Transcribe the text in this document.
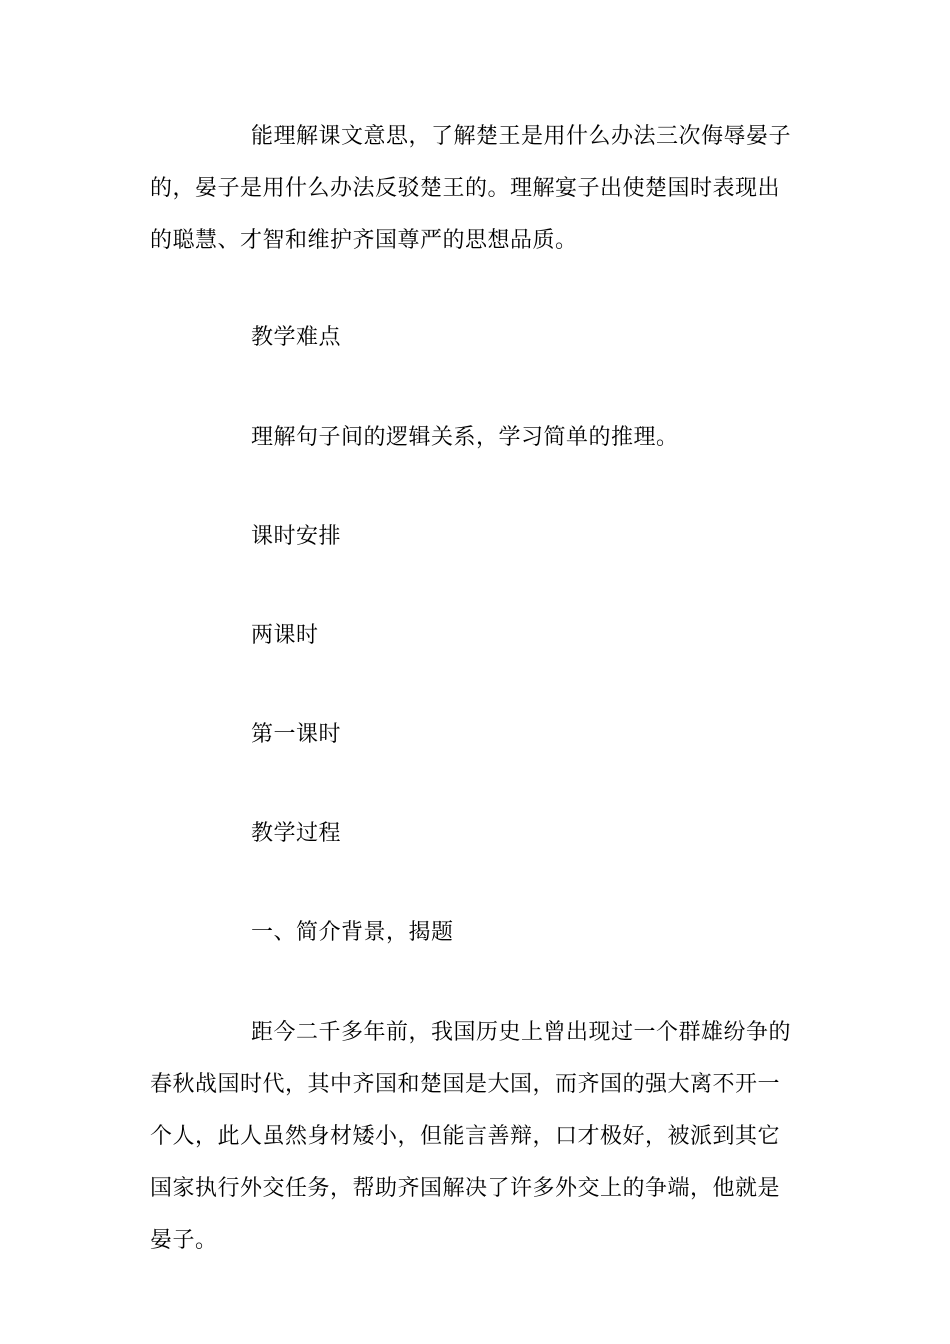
能理解课文意思，了解楚王是用什么办法三次侮辱晏子的，晏子是用什么办法反驳楚王的。理解宴子出使楚国时表现出的聪慧、才智和维护齐国尊严的思想品质。

教学难点

理解句子间的逻辑关系，学习简单的推理。

课时安排

两课时

第一课时

教学过程

一、简介背景，揭题

距今二千多年前，我国历史上曾出现过一个群雄纷争的春秋战国时代，其中齐国和楚国是大国，而齐国的强大离不开一个人，此人虽然身材矮小，但能言善辩，口才极好，被派到其它国家执行外交任务，帮助齐国解决了许多外交上的争端，他就是晏子。
